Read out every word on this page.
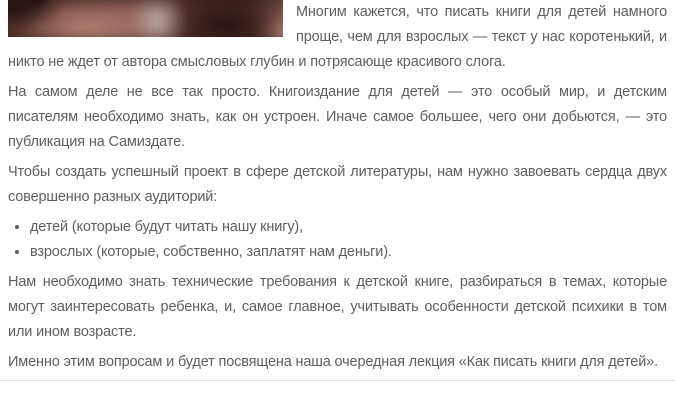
Многим кажется, что писать книги для детей намного проще, чем для взрослых — текст у нас коротенький, и никто не ждет от автора смысловых глубин и потрясающе красивого слога.

На самом деле не все так просто. Книгоиздание для детей — это особый мир, и детским писателям необходимо знать, как он устроен. Иначе самое большее, чего они добьются, — это публикация на Самиздате.

Чтобы создать успешный проект в сфере детской литературы, нам нужно завоевать сердца двух совершенно разных аудиторий:

• детей (которые будут читать нашу книгу),
• взрослых (которые, собственно, заплатят нам деньги).

Нам необходимо знать технические требования к детской книге, разбираться в темах, которые могут заинтересовать ребенка, и, самое главное, учитывать особенности детской психики в том или ином возрасте.

Именно этим вопросам и будет посвящена наша очередная лекция «Как писать книги для детей».
